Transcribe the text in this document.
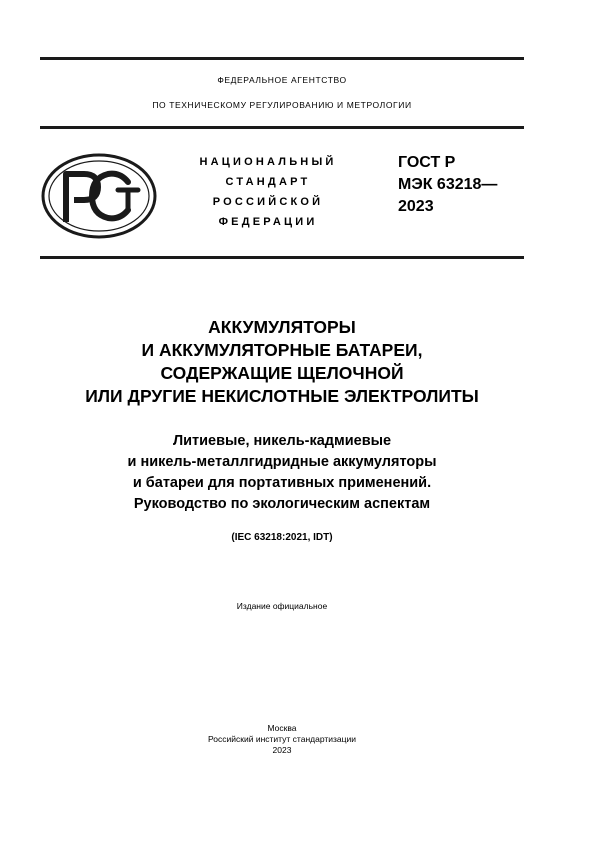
ФЕДЕРАЛЬНОЕ АГЕНТСТВО
ПО ТЕХНИЧЕСКОМУ РЕГУЛИРОВАНИЮ И МЕТРОЛОГИИ
НАЦИОНАЛЬНЫЙ
СТАНДАРТ
РОССИЙСКОЙ
ФЕДЕРАЦИИ
ГОСТ Р
МЭК 63218—
2023
АККУМУЛЯТОРЫ
И АККУМУЛЯТОРНЫЕ БАТАРЕИ,
СОДЕРЖАЩИЕ ЩЕЛОЧНОЙ
ИЛИ ДРУГИЕ НЕКИСЛОТНЫЕ ЭЛЕКТРОЛИТЫ
Литиевые, никель-кадмиевые
и никель-металлгидридные аккумуляторы
и батареи для портативных применений.
Руководство по экологическим аспектам
(IEC 63218:2021, IDT)
Издание официальное
Москва
Российский институт стандартизации
2023
